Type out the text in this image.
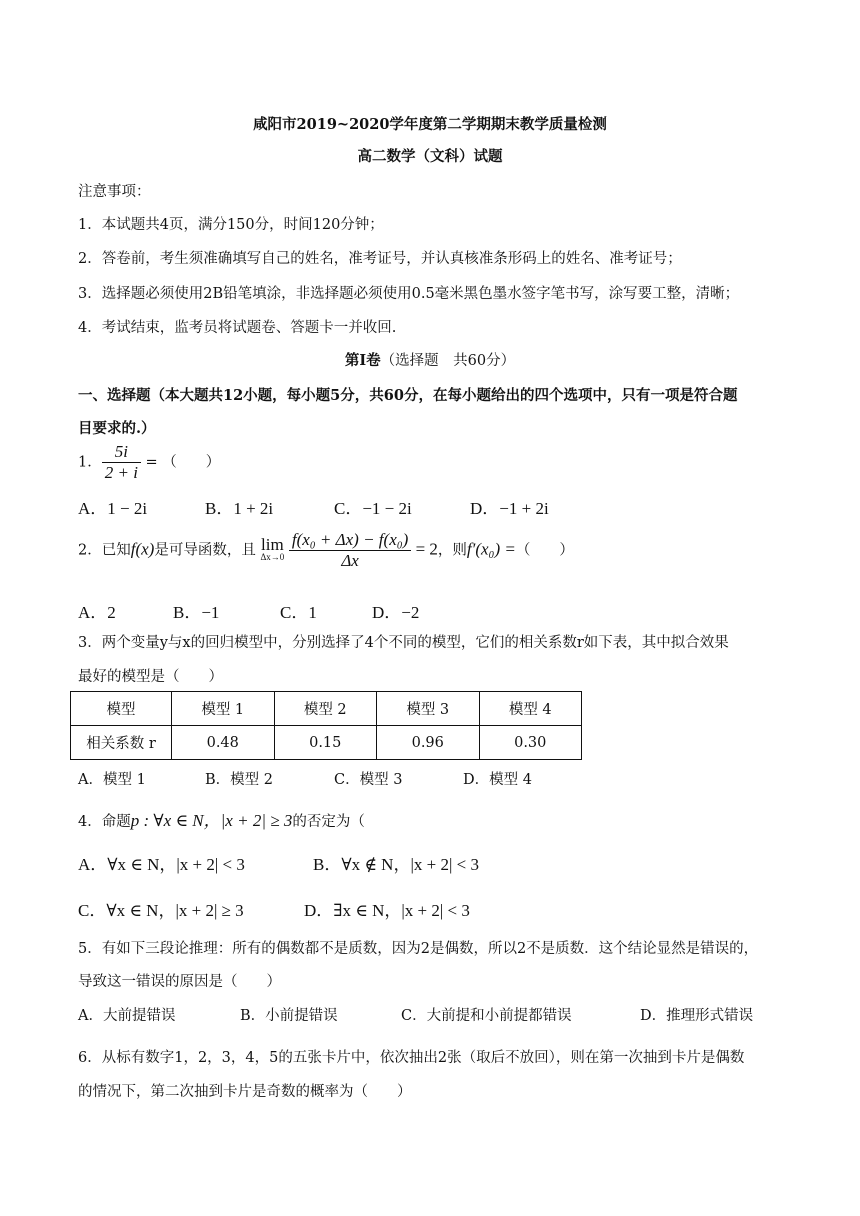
咸阳市2019~2020学年度第二学期期末教学质量检测
高二数学（文科）试题
注意事项：
1．本试题共4页，满分150分，时间120分钟；
2．答卷前，考生须准确填写自己的姓名，准考证号，并认真核准条形码上的姓名、准考证号；
3．选择题必须使用2B铅笔填涂，非选择题必须使用0.5毫米黑色墨水签字笔书写，涂写要工整，清晰；
4．考试结束，监考员将试题卷、答题卡一并收回.
第Ⅰ卷（选择题　共60分）
一、选择题（本大题共12小题，每小题5分，共60分，在每小题给出的四个选项中，只有一项是符合题
目要求的.）
1． $\frac{5i}{2 + i}$ = （　　）
A．1 − 2i	B．1 + 2i	C．−1 − 2i	D．−1 + 2i
2．已知f(x)是可导函数，且 lim
Δx→0
$\frac{\text{f(x₀ + Δx) − f(x₀)}}{\Delta x} = 2$，则f′(x₀) =（　　）
A．2	B．−1	C．1	D．−2
3．两个变量y与x的回归模型中，分别选择了4个不同的模型，它们的相关系数r如下表，其中拟合效果
最好的模型是（　　）
模型	模型 1	模型 2	模型 3	模型 4
相关系数 r	0.48	0.15	0.96	0.30
A．模型 1	B．模型 2	C．模型 3	D．模型 4
4．命题p : ∀x ∈ N，|x + 2| ≥ 3的否定为（
A．∀x ∈ N，|x + 2| < 3	B．∀x ∉ N，|x + 2| < 3
C．∀x ∈ N，|x + 2| ≥ 3	D．∃x ∈ N，|x + 2| < 3
5．有如下三段论推理：所有的偶数都不是质数，因为2是偶数，所以2不是质数．这个结论显然是错误的，
导致这一错误的原因是（　　）
A．大前提错误	B．小前提错误	C．大前提和小前提都错误	D．推理形式错误
6．从标有数字1，2，3，4，5的五张卡片中，依次抽出2张（取后不放回），则在第一次抽到卡片是偶数
的情况下，第二次抽到卡片是奇数的概率为（　　）
